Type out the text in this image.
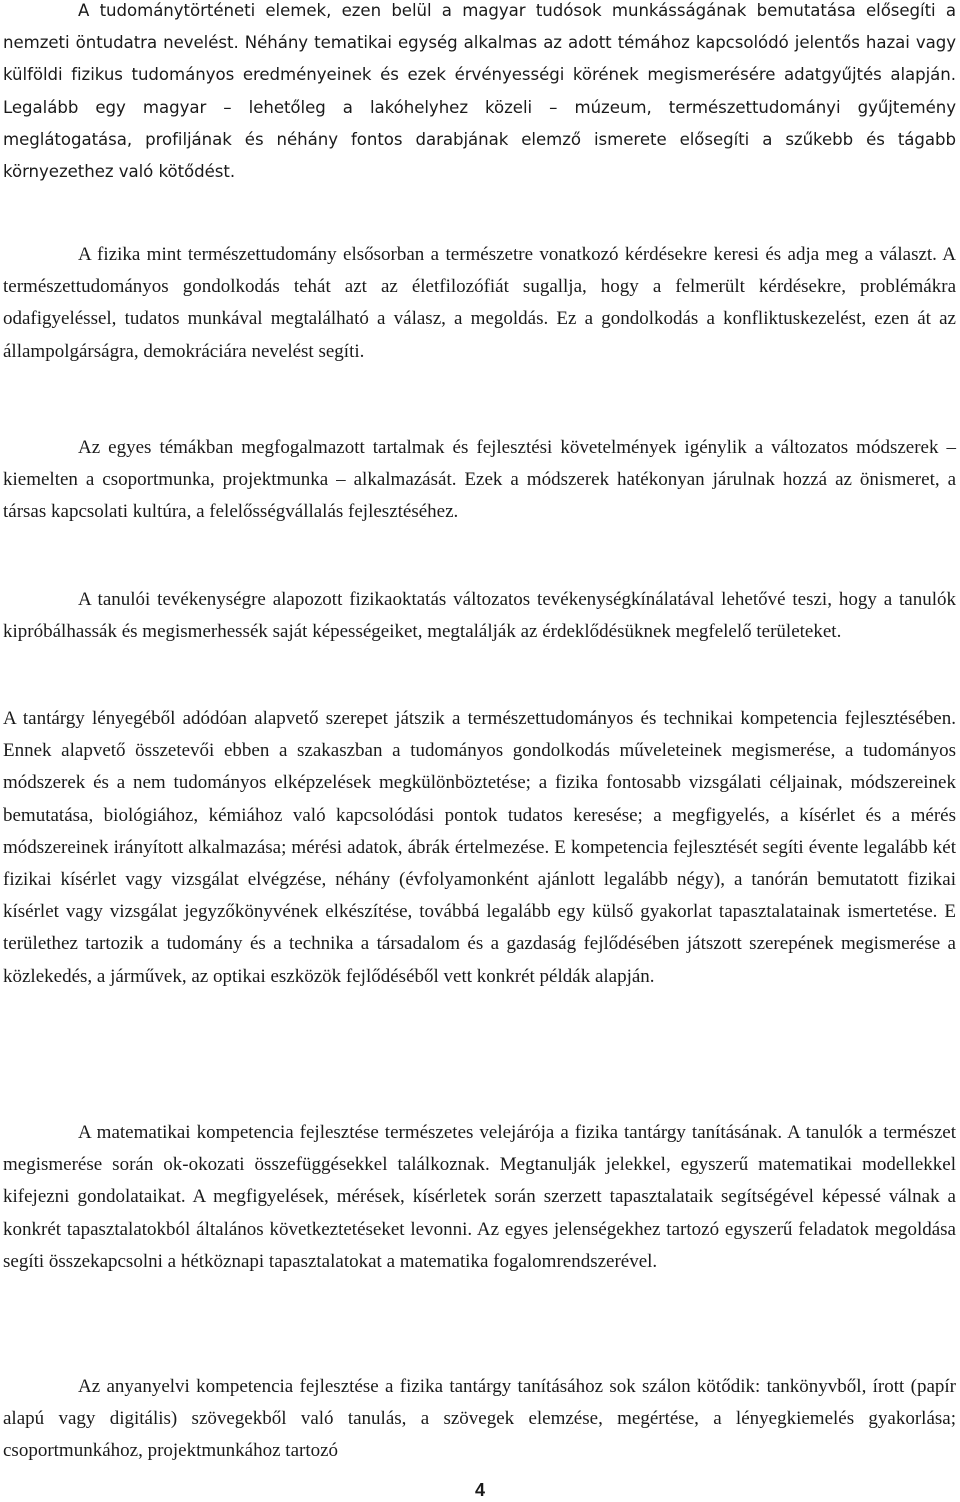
A tudománytörténeti elemek, ezen belül a magyar tudósok munkásságának bemutatása elősegíti a nemzeti öntudatra nevelést. Néhány tematikai egység alkalmas az adott témához kapcsolódó jelentős hazai vagy külföldi fizikus tudományos eredményeinek és ezek érvényességi körének megismerésére adatgyűjtés alapján. Legalább egy magyar – lehetőleg a lakóhelyhez közeli – múzeum, természettudományi gyűjtemény meglátogatása, profiljának és néhány fontos darabjának elemző ismerete elősegíti a szűkebb és tágabb környezethez való kötődést.

A fizika mint természettudomány elsősorban a természetre vonatkozó kérdésekre keresi és adja meg a választ. A természettudományos gondolkodás tehát azt az életfilozófiát sugallja, hogy a felmerült kérdésekre, problémákra odafigyeléssel, tudatos munkával megtalálható a válasz, a megoldás. Ez a gondolkodás a konfliktuskezelést, ezen át az állampolgárságra, demokráciára nevelést segíti.

Az egyes témákban megfogalmazott tartalmak és fejlesztési követelmények igénylik a változatos módszerek – kiemelten a csoportmunka, projektmunka – alkalmazását. Ezek a módszerek hatékonyan járulnak hozzá az önismeret, a társas kapcsolati kultúra, a felelősségvállalás fejlesztéséhez.

A tanulói tevékenységre alapozott fizikaoktatás változatos tevékenységkínálatával lehetővé teszi, hogy a tanulók kipróbálhassák és megismerhessék saját képességeiket, megtalálják az érdeklődésüknek megfelelő területeket.

A tantárgy lényegéből adódóan alapvető szerepet játszik a természettudományos és technikai kompetencia fejlesztésében. Ennek alapvető összetevői ebben a szakaszban a tudományos gondolkodás műveleteinek megismerése, a tudományos módszerek és a nem tudományos elképzelések megkülönböztetése; a fizika fontosabb vizsgálati céljainak, módszereinek bemutatása, biológiához, kémiához való kapcsolódási pontok tudatos keresése; a megfigyelés, a kísérlet és a mérés módszereinek irányított alkalmazása; mérési adatok, ábrák értelmezése. E kompetencia fejlesztését segíti évente legalább két fizikai kísérlet vagy vizsgálat elvégzése, néhány (évfolyamonként ajánlott legalább négy), a tanórán bemutatott fizikai kísérlet vagy vizsgálat jegyzőkönyvének elkészítése, továbbá legalább egy külső gyakorlat tapasztalatainak ismertetése. E területhez tartozik a tudomány és a technika a társadalom és a gazdaság fejlődésében játszott szerepének megismerése a közlekedés, a járművek, az optikai eszközök fejlődéséből vett konkrét példák alapján.

A matematikai kompetencia fejlesztése természetes velejárója a fizika tantárgy tanításának. A tanulók a természet megismerése során ok-okozati összefüggésekkel találkoznak. Megtanulják jelekkel, egyszerű matematikai modellekkel kifejezni gondolataikat. A megfigyelések, mérések, kísérletek során szerzett tapasztalataik segítségével képessé válnak a konkrét tapasztalatokból általános következtetéseket levonni. Az egyes jelenségekhez tartozó egyszerű feladatok megoldása segíti összekapcsolni a hétköznapi tapasztalatokat a matematika fogalomrendszerével.

Az anyanyelvi kompetencia fejlesztése a fizika tantárgy tanításához sok szálon kötődik: tankönyvből, írott (papír alapú vagy digitális) szövegekből való tanulás, a szövegek elemzése, megértése, a lényegkiemelés gyakorlása; csoportmunkához, projektmunkához tartozó

4
